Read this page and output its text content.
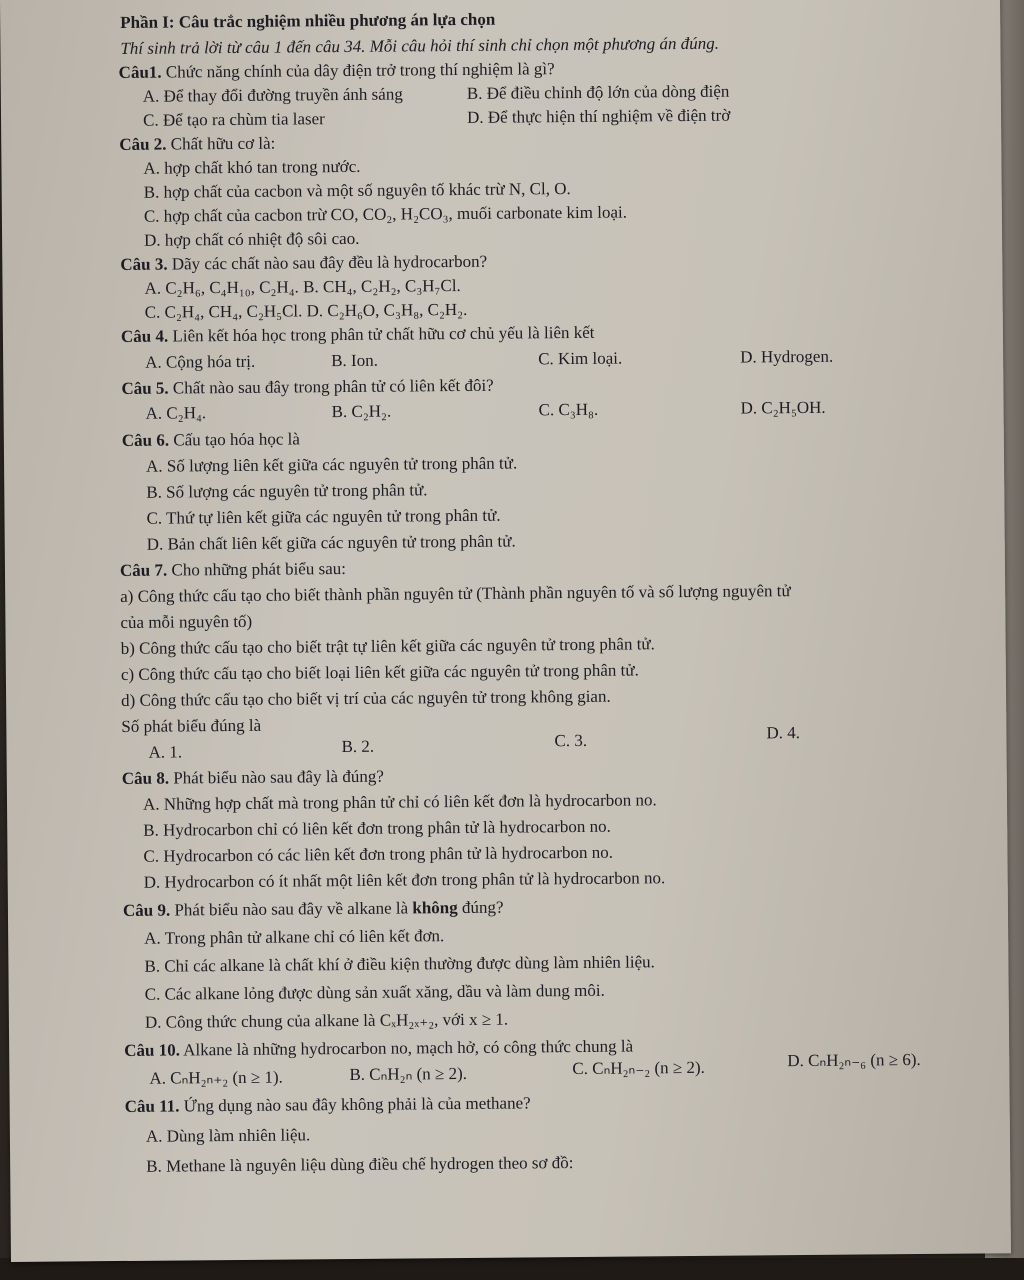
Phần I: Câu trắc nghiệm nhiều phương án lựa chọn
Thí sinh trả lời từ câu 1 đến câu 34. Mỗi câu hỏi thí sinh chỉ chọn một phương án đúng.
Câu1. Chức năng chính của dây điện trở trong thí nghiệm là gì?
A. Để thay đổi đường truyền ánh sáng	B. Để điều chỉnh độ lớn của dòng điện
C. Để tạo ra chùm tia laser	D. Để thực hiện thí nghiệm về điện trờ
Câu 2. Chất hữu cơ là:
A. hợp chất khó tan trong nước.
B. hợp chất của cacbon và một số nguyên tố khác trừ N, Cl, O.
C. hợp chất của cacbon trừ CO, CO₂, H₂CO₃, muối carbonate kim loại.
D. hợp chất có nhiệt độ sôi cao.
Câu 3. Dãy các chất nào sau đây đều là hydrocarbon?
A. C₂H₆, C₄H₁₀, C₂H₄. B. CH₄, C₂H₂, C₃H₇Cl.
C. C₂H₄, CH₄, C₂H₅Cl. D. C₂H₆O, C₃H₈, C₂H₂.
Câu 4. Liên kết hóa học trong phân tử chất hữu cơ chủ yếu là liên kết
A. Cộng hóa trị.	B. Ion.	C. Kim loại.	D. Hydrogen.
Câu 5. Chất nào sau đây trong phân tử có liên kết đôi?
A. C₂H₄.	B. C₂H₂.	C. C₃H₈.	D. C₂H₅OH.
Câu 6. Cấu tạo hóa học là
A. Số lượng liên kết giữa các nguyên tử trong phân tử.
B. Số lượng các nguyên tử trong phân tử.
C. Thứ tự liên kết giữa các nguyên tử trong phân tử.
D. Bản chất liên kết giữa các nguyên tử trong phân tử.
Câu 7. Cho những phát biểu sau:
a) Công thức cấu tạo cho biết thành phần nguyên tử (Thành phần nguyên tố và số lượng nguyên tử
của mỗi nguyên tố)
b) Công thức cấu tạo cho biết trật tự liên kết giữa các nguyên tử trong phân tử.
c) Công thức cấu tạo cho biết loại liên kết giữa các nguyên tử trong phân tử.
d) Công thức cấu tạo cho biết vị trí của các nguyên tử trong không gian.
Số phát biểu đúng là
A. 1.	B. 2.	C. 3.	D. 4.
Câu 8. Phát biểu nào sau đây là đúng?
A. Những hợp chất mà trong phân tử chỉ có liên kết đơn là hydrocarbon no.
B. Hydrocarbon chỉ có liên kết đơn trong phân tử là hydrocarbon no.
C. Hydrocarbon có các liên kết đơn trong phân tử là hydrocarbon no.
D. Hydrocarbon có ít nhất một liên kết đơn trong phân tử là hydrocarbon no.
Câu 9. Phát biểu nào sau đây về alkane là không đúng?
A. Trong phân tử alkane chỉ có liên kết đơn.
B. Chỉ các alkane là chất khí ở điều kiện thường được dùng làm nhiên liệu.
C. Các alkane lỏng được dùng sản xuất xăng, dầu và làm dung môi.
D. Công thức chung của alkane là CₓH₂ₓ₊₂, với x ≥ 1.
Câu 10. Alkane là những hydrocarbon no, mạch hở, có công thức chung là
A. CₙH₂ₙ₊₂ (n ≥ 1).	B. CₙH₂ₙ (n ≥ 2).	C. CₙH₂ₙ₋₂ (n ≥ 2).	D. CₙH₂ₙ₋₆ (n ≥ 6).
Câu 11. Ứng dụng nào sau đây không phải là của methane?
A. Dùng làm nhiên liệu.
B. Methane là nguyên liệu dùng điều chế hydrogen theo sơ đồ:
